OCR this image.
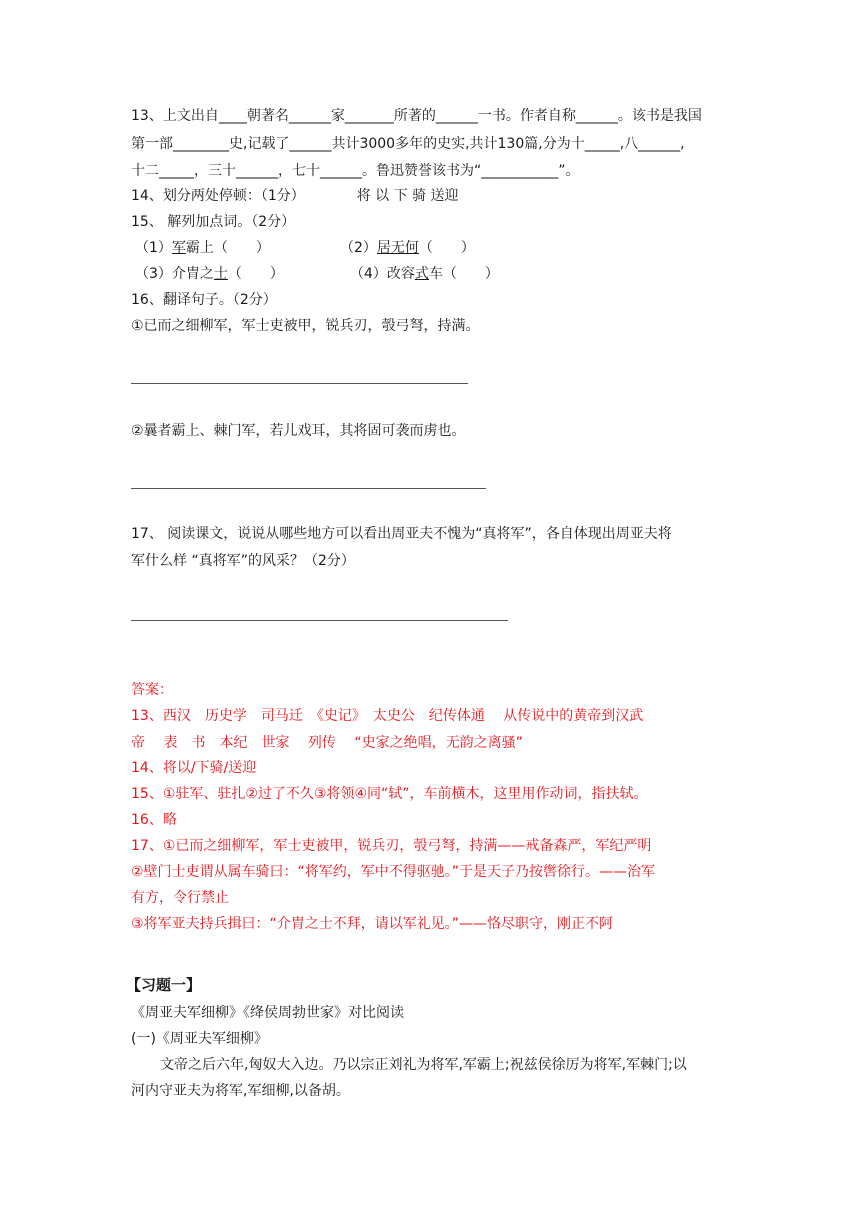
13、上文出自____朝著名______家_______所著的______一书。作者自称______。该书是我国

第一部________史,记载了______共计3000多年的史实,共计130篇,分为十_____,八______,

十二_____，三十______，七十______。鲁迅赞誉该书为“___________”。

14、划分两处停顿：（1分）	将 以 下 骑 送迎

15、 解列加点词。（2分）

（1）军霸上（　　）	（2）居无何（　　）

（3）介胄之士（　　）	（4）改容式车（　　）

16、翻译句子。（2分）

①已而之细柳军，军士吏被甲，锐兵刃，彀弓弩，持满。

②曩者霸上、棘门军，若儿戏耳，其将固可袭而虏也。

17、 阅读课文，说说从哪些地方可以看出周亚夫不愧为“真将军”，各自体现出周亚夫将

军什么样 “真将军”的风采？（2分）

答案：

13、西汉　历史学　司马迁　《史记》　太史公　纪传体通　 从传说中的黄帝到汉武

帝　 表　书　本纪　世家　 列传　 “史家之绝唱，无韵之离骚”

14、将以/下骑/送迎

15、①驻军、驻扎②过了不久③将领④同“轼”，车前横木，这里用作动词，指扶轼。

16、略

17、①已而之细柳军，军士吏被甲，锐兵刃，彀弓弩，持满——戒备森严，军纪严明

②壁门士吏谓从属车骑曰：“将军约，军中不得驱驰。”于是天子乃按辔徐行。——治军

有方，令行禁止

③将军亚夫持兵揖曰：“介胄之士不拜，请以军礼见。”——恪尽职守，刚正不阿

【习题一】

《周亚夫军细柳》《绛侯周勃世家》对比阅读

(一)《周亚夫军细柳》

文帝之后六年,匈奴大入边。乃以宗正刘礼为将军,军霸上;祝兹侯徐厉为将军,军棘门;以

河内守亚夫为将军,军细柳,以备胡。
